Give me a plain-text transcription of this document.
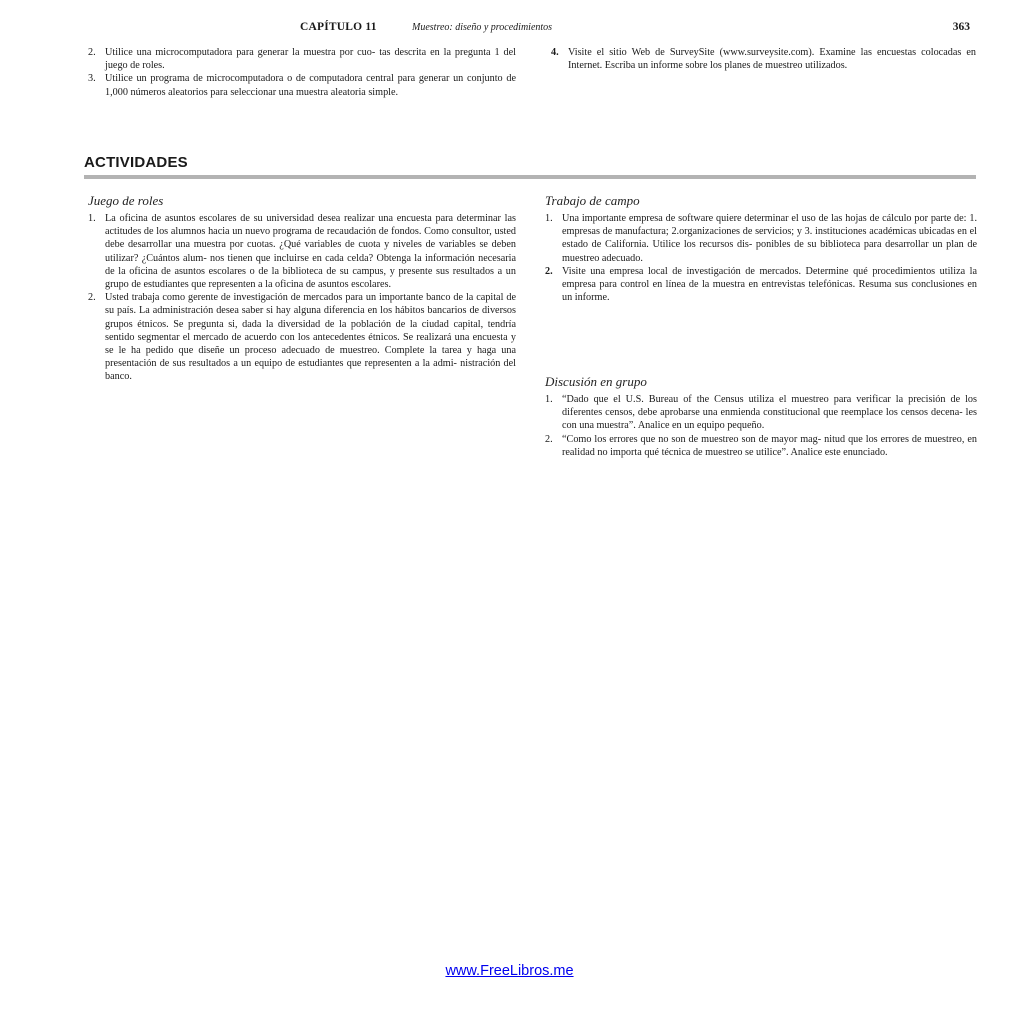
CAPÍTULO 11	Muestreo: diseño y procedimientos	363
2. Utilice una microcomputadora para generar la muestra por cuo- tas descrita en la pregunta 1 del juego de roles.
3. Utilice un programa de microcomputadora o de computadora central para generar un conjunto de 1,000 números aleatorios para seleccionar una muestra aleatoria simple.
4. Visite el sitio Web de SurveySite (www.surveysite.com). Examine las encuestas colocadas en Internet. Escriba un informe sobre los planes de muestreo utilizados.
ACTIVIDADES
Juego de roles
1. La oficina de asuntos escolares de su universidad desea realizar una encuesta para determinar las actitudes de los alumnos hacia un nuevo programa de recaudación de fondos. Como consultor, usted debe desarrollar una muestra por cuotas. ¿Qué variables de cuota y niveles de variables se deben utilizar? ¿Cuántos alum- nos tienen que incluirse en cada celda? Obtenga la información necesaria de la oficina de asuntos escolares o de la biblioteca de su campus, y presente sus resultados a un grupo de estudiantes que representen a la oficina de asuntos escolares.
2. Usted trabaja como gerente de investigación de mercados para un importante banco de la capital de su país. La administración desea saber si hay alguna diferencia en los hábitos bancarios de diversos grupos étnicos. Se pregunta si, dada la diversidad de la población de la ciudad capital, tendría sentido segmentar el mercado de acuerdo con los antecedentes étnicos. Se realizará una encuesta y se le ha pedido que diseñe un proceso adecuado de muestreo. Complete la tarea y haga una presentación de sus resultados a un equipo de estudiantes que representen a la admi- nistración del banco.
Trabajo de campo
1. Una importante empresa de software quiere determinar el uso de las hojas de cálculo por parte de: 1. empresas de manufactura; 2.organizaciones de servicios; y 3. instituciones académicas ubicadas en el estado de California. Utilice los recursos dis- ponibles de su biblioteca para desarrollar un plan de muestreo adecuado.
2. Visite una empresa local de investigación de mercados. Determine qué procedimientos utiliza la empresa para control en línea de la muestra en entrevistas telefónicas. Resuma sus conclusiones en un informe.
Discusión en grupo
1. “Dado que el U.S. Bureau of the Census utiliza el muestreo para verificar la precisión de los diferentes censos, debe aprobarse una enmienda constitucional que reemplace los censos decena- les con una muestra”. Analice en un equipo pequeño.
2. “Como los errores que no son de muestreo son de mayor mag- nitud que los errores de muestreo, en realidad no importa qué técnica de muestreo se utilice”. Analice este enunciado.
www.FreeLibros.me
